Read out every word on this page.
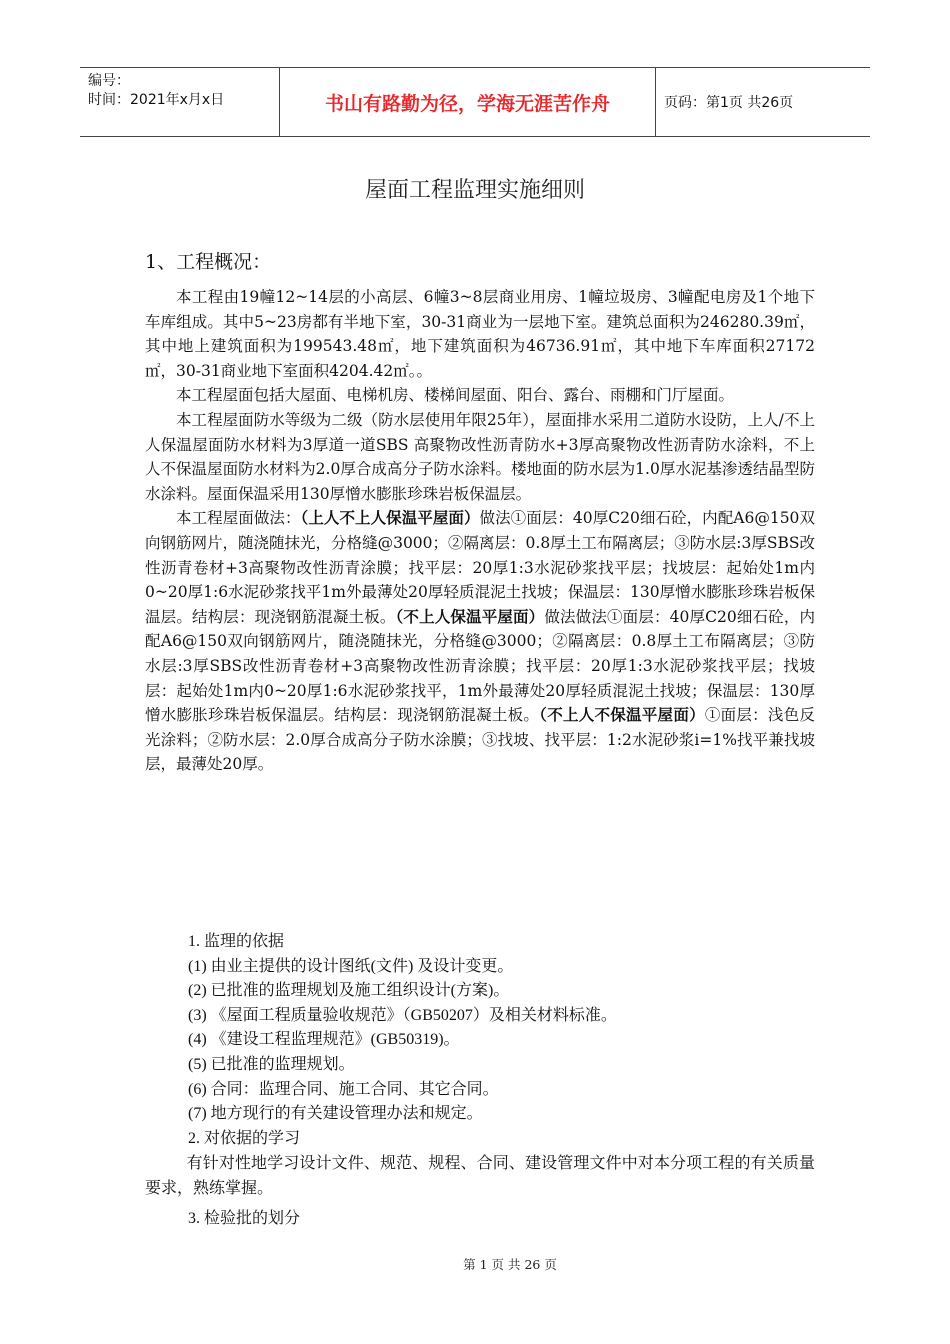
编号：
时间：2021年x月x日	书山有路勤为径，学海无涯苦作舟	页码：第1页 共26页
屋面工程监理实施细则
1、工程概况：

本工程由19幢12~14层的小高层、6幢3~8层商业用房、1幢垃圾房、3幢配电房及1个地下车库组成。其中5~23房都有半地下室，30-31商业为一层地下室。建筑总面积为246280.39㎡，其中地上建筑面积为199543.48㎡，地下建筑面积为46736.91㎡，其中地下车库面积27172㎡，30-31商业地下室面积4204.42㎡。。

本工程屋面包括大屋面、电梯机房、楼梯间屋面、阳台、露台、雨棚和门厅屋面。

本工程屋面防水等级为二级（防水层使用年限25年），屋面排水采用二道防水设防，上人/不上人保温屋面防水材料为3厚道一道SBS 高聚物改性沥青防水+3厚高聚物改性沥青防水涂料，不上人不保温屋面防水材料为2.0厚合成高分子防水涂料。楼地面的防水层为1.0厚水泥基渗透结晶型防水涂料。屋面保温采用130厚憎水膨胀珍珠岩板保温层。

本工程屋面做法：（上人不上人保温平屋面）做法①面层：40厚C20细石砼，内配A6@150双向钢筋网片，随浇随抹光，分格缝@3000；②隔离层：0.8厚土工布隔离层；③防水层:3厚SBS改性沥青卷材+3高聚物改性沥青涂膜；找平层：20厚1:3水泥砂浆找平层；找坡层：起始处1m内0~20厚1:6水泥砂浆找平1m外最薄处20厚轻质混泥土找坡；保温层：130厚憎水膨胀珍珠岩板保温层。结构层：现浇钢筋混凝土板。（不上人保温平屋面）做法做法①面层：40厚C20细石砼，内配A6@150双向钢筋网片，随浇随抹光，分格缝@3000；②隔离层：0.8厚土工布隔离层；③防水层:3厚SBS改性沥青卷材+3高聚物改性沥青涂膜；找平层：20厚1:3水泥砂浆找平层；找坡层：起始处1m内0~20厚1:6水泥砂浆找平，1m外最薄处20厚轻质混泥土找坡；保温层：130厚憎水膨胀珍珠岩板保温层。结构层：现浇钢筋混凝土板。（不上人不保温平屋面）①面层：浅色反光涂料；②防水层：2.0厚合成高分子防水涂膜；③找坡、找平层：1:2水泥砂浆i=1%找平兼找坡层，最薄处20厚。

1. 监理的依据
(1) 由业主提供的设计图纸(文件) 及设计变更。
(2) 已批准的监理规划及施工组织设计(方案)。
(3) 《屋面工程质量验收规范》（GB50207）及相关材料标准。
(4) 《建设工程监理规范》(GB50319)。
(5) 已批准的监理规划。
(6) 合同：监理合同、施工合同、其它合同。
(7) 地方现行的有关建设管理办法和规定。
2. 对依据的学习

有针对性地学习设计文件、规范、规程、合同、建设管理文件中对本分项工程的有关质量要求，熟练掌握。

3. 检验批的划分
第 1 页 共 26 页
